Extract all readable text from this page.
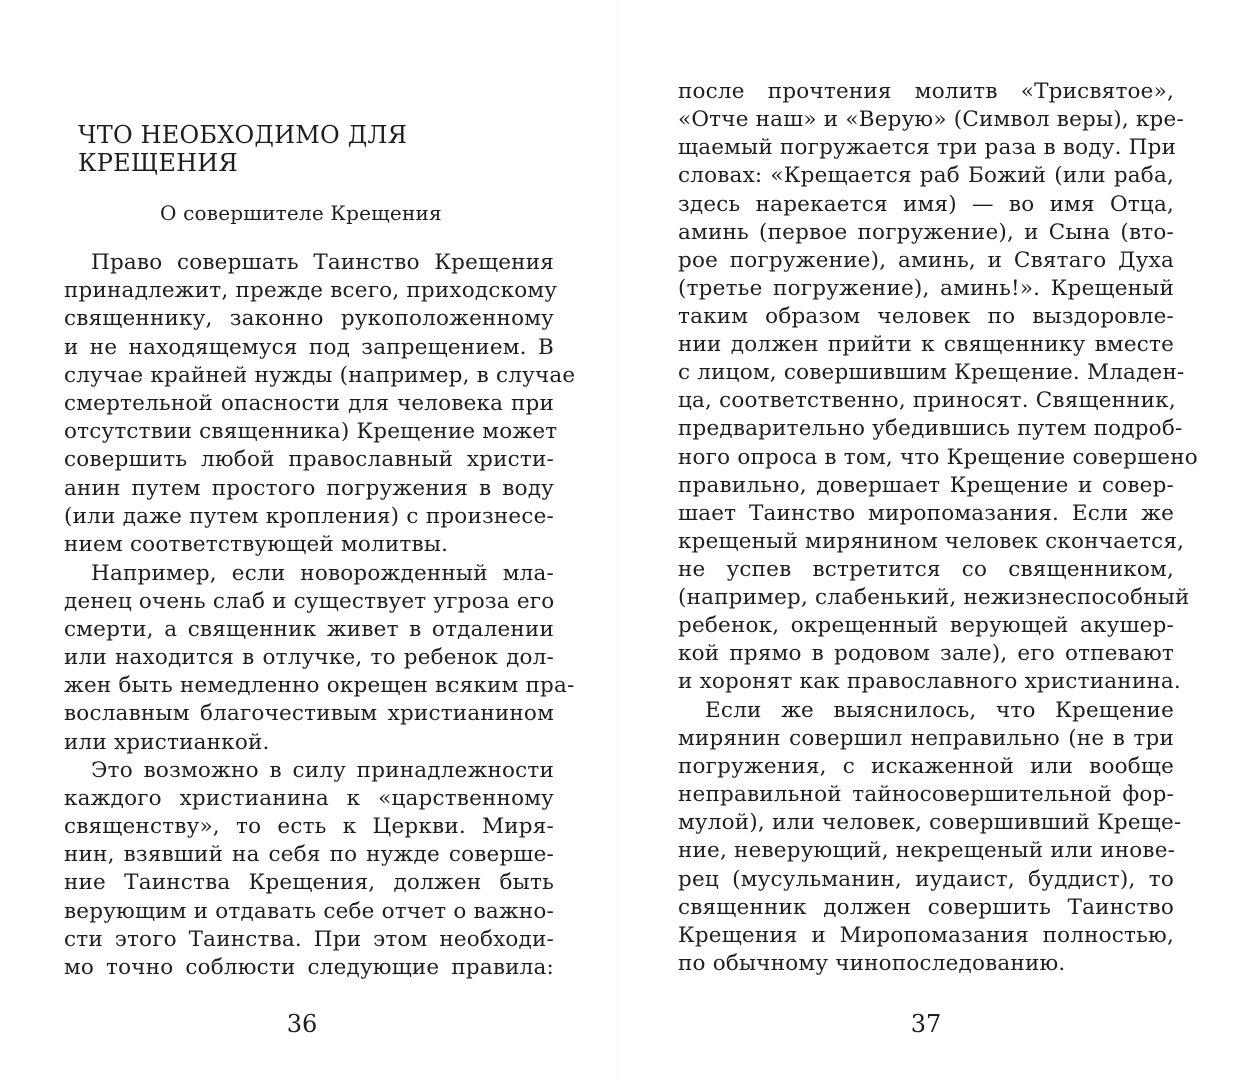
ЧТО НЕОБХОДИМО ДЛЯ КРЕЩЕНИЯ
О совершителе Крещения
Право совершать Таинство Крещения
принадлежит, прежде всего, приходскому
священнику, законно рукоположенному
и не находящемуся под запрещением. В
случае крайней нужды (например, в случае
смертельной опасности для человека при
отсутствии священника) Крещение может
совершить любой православный христи-
анин путем простого погружения в воду
(или даже путем кропления) с произнесе-
нием соответствующей молитвы.
Например, если новорожденный мла-
денец очень слаб и существует угроза его
смерти, а священник живет в отдалении
или находится в отлучке, то ребенок дол-
жен быть немедленно окрещен всяким пра-
вославным благочестивым христианином
или христианкой.
Это возможно в силу принадлежности
каждого христианина к «царственному
священству», то есть к Церкви. Миря-
нин, взявший на себя по нужде соверше-
ние Таинства Крещения, должен быть
верующим и отдавать себе отчет о важно-
сти этого Таинства. При этом необходи-
мо точно соблюсти следующие правила:
36
после прочтения молитв «Трисвятое»,
«Отче наш» и «Верую» (Символ веры), кре-
щаемый погружается три раза в воду. При
словах: «Крещается раб Божий (или раба,
здесь нарекается имя) — во имя Отца,
аминь (первое погружение), и Сына (вто-
рое погружение), аминь, и Святаго Духа
(третье погружение), аминь!». Крещеный
таким образом человек по выздоровле-
нии должен прийти к священнику вместе
с лицом, совершившим Крещение. Младен-
ца, соответственно, приносят. Священник,
предварительно убедившись путем подроб-
ного опроса в том, что Крещение совершено
правильно, довершает Крещение и совер-
шает Таинство миропомазания. Если же
крещеный мирянином человек скончается,
не успев встретится со священником,
(например, слабенький, нежизнеспособный
ребенок, окрещенный верующей акушер-
кой прямо в родовом зале), его отпевают
и хоронят как православного христианина.
Если же выяснилось, что Крещение
мирянин совершил неправильно (не в три
погружения, с искаженной или вообще
неправильной тайносовершительной фор-
мулой), или человек, совершивший Креще-
ние, неверующий, некрещеный или инове-
рец (мусульманин, иудаист, буддист), то
священник должен совершить Таинство
Крещения и Миропомазания полностью,
по обычному чинопоследованию.
37
